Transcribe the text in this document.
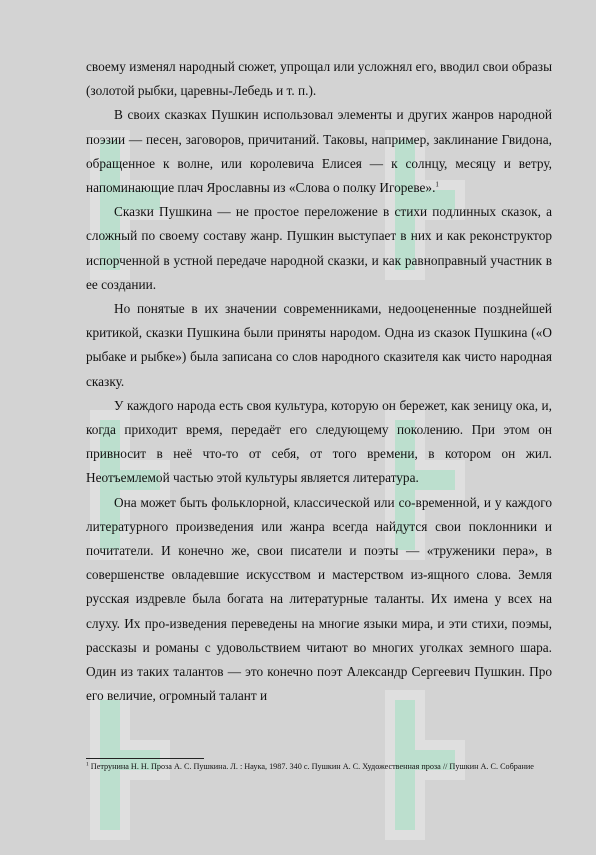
своему изменял народный сюжет, упрощал или усложнял его, вводил свои образы (золотой рыбки, царевны-Лебедь и т. п.).

В своих сказках Пушкин использовал элементы и других жанров народной поэзии — песен, заговоров, причитаний. Таковы, например, заклинание Гвидона, обращенное к волне, или королевича Елисея — к солнцу, месяцу и ветру, напоминающие плач Ярославны из «Слова о полку Игореве».$^1$

Сказки Пушкина — не простое переложение в стихи подлинных сказок, а сложный по своему составу жанр. Пушкин выступает в них и как реконструктор испорченной в устной передаче народной сказки, и как равноправный участник в ее создании.

Но понятые в их значении современниками, недооцененные позднейшей критикой, сказки Пушкина были приняты народом. Одна из сказок Пушкина («О рыбаке и рыбке») была записана со слов народного сказителя как чисто народная сказку.

У каждого народа есть своя культура, которую он бережет, как зеницу ока, и, когда приходит время, передаёт его следующему поколению. При этом он привносит в неё что-то от себя, от того времени, в котором он жил. Неотъемлемой частью этой культуры является литература.

Она может быть фольклорной, классической или со-временной, и у каждого литературного произведения или жанра всегда найдутся свои поклонники и почитатели. И конечно же, свои писатели и поэты — «труженики пера», в совершенстве овладевшие искусством и мастерством из-ящного слова. Земля русская издревле была богата на литературные таланты. Их имена у всех на слуху. Их про-изведения переведены на многие языки мира, и эти стихи, поэмы, рассказы и романы с удовольствием читают во многих уголках земного шара. Один из таких талантов — это конечно поэт Александр Сергеевич Пушкин. Про его величие, огромный талант и

$^1$ Петрунина Н. Н. Проза А. С. Пушкина. Л. : Наука, 1987. 340 с. Пушкин А. С. Художественная проза // Пушкин А. С. Собрание
